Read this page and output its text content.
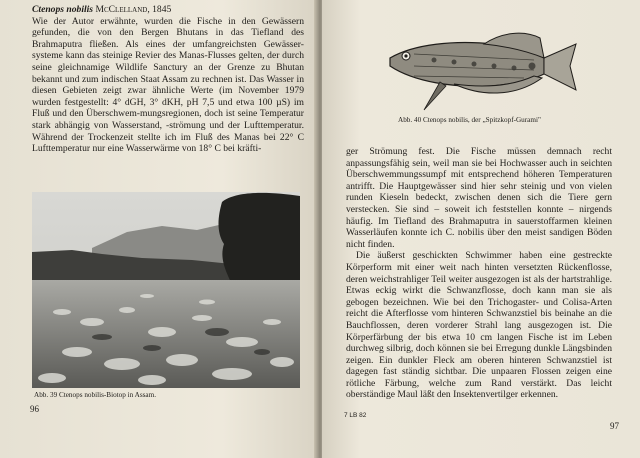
Ctenops nobilis McClelland, 1845

Wie der Autor erwähnte, wurden die Fische in den Gewässern gefunden, die von den Bergen Bhutans in das Tiefland des Brahmaputra fließen. Als eines der umfangreichsten Gewässer-systeme kann das steinige Revier des Manas-Flusses gelten, der durch seine gleichnamige Wildlife Sanctury an der Grenze zu Bhutan bekannt und zum indischen Staat Assam zu rechnen ist. Das Wasser in diesen Gebieten zeigt zwar ähnliche Werte (im November 1979 wurden festgestellt: 4° dGH, 3° dKH, pH 7,5 und etwa 100 µS) im Fluß und den Überschwem-mungsregionen, doch ist seine Temperatur stark abhängig von Wasserstand, -strömung und der Lufttemperatur. Während der Trockenzeit stellte ich im Fluß des Manas bei 22° C Lufttemperatur nur eine Wasserwärme von 18° C bei kräfti-

Abb. 39 Ctenops nobilis-Biotop in Assam.
96
Abb. 40 Ctenops nobilis, der „Spitzkopf-Gurami"

ger Strömung fest. Die Fische müssen demnach recht anpassungsfähig sein, weil man sie bei Hochwasser auch in seichten Überschwemmungssumpf mit entsprechend höheren Temperaturen antrifft. Die Hauptgewässer sind hier sehr steinig und von vielen runden Kieseln bedeckt, zwischen denen sich die Tiere gern verstecken. Sie sind – soweit ich feststellen konnte – nirgends häufig. Im Tiefland des Brahmaputra in sauerstoffarmen kleinen Wasserläufen konnte ich C. nobilis über den meist sandigen Böden nicht finden.

Die äußerst geschickten Schwimmer haben eine gestreckte Körperform mit einer weit nach hinten versetzten Rückenflosse, deren weichstrahliger Teil weiter ausgezogen ist als der hartstrahlige. Etwas eckig wirkt die Schwanzflosse, doch kann man sie als gebogen bezeichnen. Wie bei den Trichogaster- und Colisa-Arten reicht die Afterflosse vom hinteren Schwanzstiel bis beinahe an die Bauchflossen, deren vorderer Strahl lang ausgezogen ist. Die Körperfärbung der bis etwa 10 cm langen Fische ist im Leben durchweg silbrig, doch können sie bei Erregung dunkle Längsbinden zeigen. Ein dunkler Fleck am oberen hinteren Schwanzstiel ist dagegen fast ständig sichtbar. Die unpaaren Flossen zeigen eine rötliche Färbung, welche zum Rand verstärkt. Das leicht oberständige Maul läßt den Insektenvertilger erkennen.

7 LB 82
97
